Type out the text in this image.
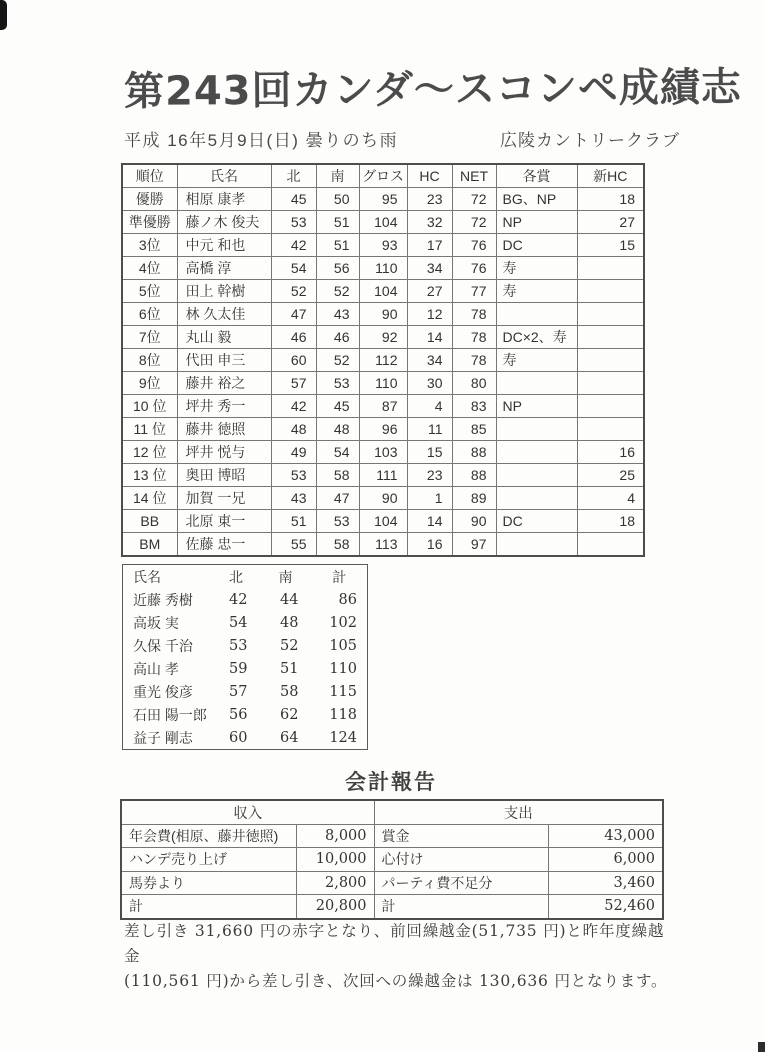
第243回カンダ～スコンペ成績志
平成 16年5月9日(日) 曇りのち雨	広陵カントリークラブ
順位	氏名	北	南	グロス	HC	NET	各賞	新HC
優勝	相原 康孝	45	50	95	23	72	BG、NP	18
準優勝	藤ノ木 俊夫	53	51	104	32	72	NP	27
3位	中元 和也	42	51	93	17	76	DC	15
4位	高橋 淳	54	56	110	34	76	寿	
5位	田上 幹樹	52	52	104	27	77	寿	
6位	林 久太佳	47	43	90	12	78		
7位	丸山 毅	46	46	92	14	78	DC×2、寿	
8位	代田 申三	60	52	112	34	78	寿	
9位	藤井 裕之	57	53	110	30	80		
10 位	坪井 秀一	42	45	87	4	83	NP	
11 位	藤井 徳照	48	48	96	11	85		
12 位	坪井 悦与	49	54	103	15	88		16
13 位	奥田 博昭	53	58	111	23	88		25
14 位	加賀 一兄	43	47	90	1	89		4
BB	北原 東一	51	53	104	14	90	DC	18
BM	佐藤 忠一	55	58	113	16	97		
氏名	北	南	計
近藤 秀樹	42	44	86
高坂 実	54	48	102
久保 千治	53	52	105
高山 孝	59	51	110
重光 俊彦	57	58	115
石田 陽一郎	56	62	118
益子 剛志	60	64	124
会計報告
収入		支出	
年会費(相原、藤井徳照)	8,000	賞金	43,000
ハンデ売り上げ	10,000	心付け	6,000
馬券より	2,800	パーティ費不足分	3,460
計	20,800	計	52,460
差し引き 31,660 円の赤字となり、前回繰越金(51,735 円)と昨年度繰越金
(110,561 円)から差し引き、次回への繰越金は 130,636 円となります。
